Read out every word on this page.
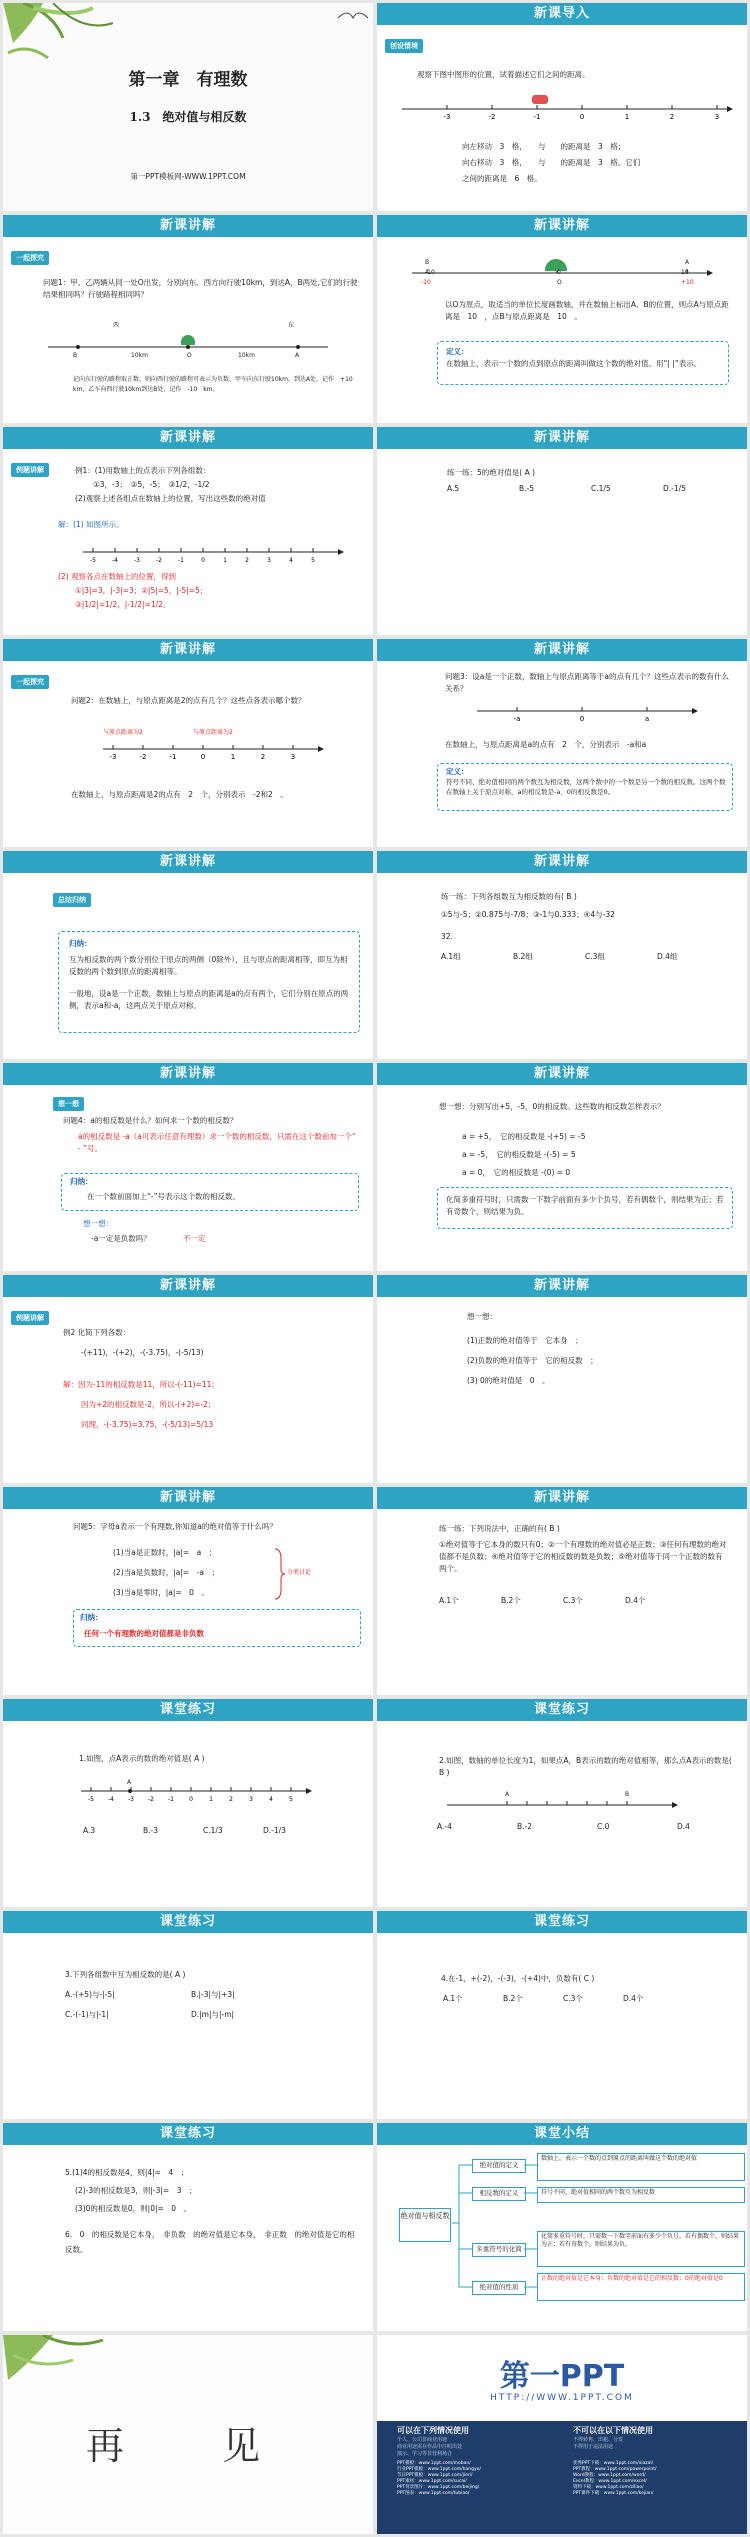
第一章　有理数
1.3　绝对值与相反数
第一PPT模板网-WWW.1PPT.COM
新课导入
创设情境
观察下图中图形的位置，试着描述它们之间的距离。
-3	-2	-1	0	1	2	3
向左移动　3　格，　　与　　的距离是　3　格；
向右移动　3　格，　　与　　的距离是　3　格。它们
之间的距离是　6　格。
新课讲解
一起探究
问题1：甲、乙两辆从同一处O出发，分别向东、西方向行驶10km，到达A，B两处,它们的行驶结果相同吗？行驶路程相同吗？
B	10km	O	10km	A
西	东
记向东行驶的路程取正数，则向西行驶的路程可表示为负数，甲车向东行驶10km，到达A处，记作　+10　km，乙车向西行驶10km到达B处，记作　-10　km。
新课讲解
B
-10	O
A
+10
-10	0	10
以O为原点，取适当的单位长度画数轴，并在数轴上标出A、B的位置，则点A与原点距离是　10　，点B与原点距离是　10　。
定义：
在数轴上，表示一个数的点到原点的距离叫做这个数的绝对值。用“| |”表示。
新课讲解
例题讲解	例1：(1)用数轴上的点表示下列各组数：
①3，-3；　②5，-5；　③1/2，-1/2
(2)观察上述各组点在数轴上的位置，写出这些数的绝对值
解：(1) 如图所示。
-5	-4	-3	-2	-1	0	1	2	3	4	5
(2) 观察各点在数轴上的位置，得到
①|3|=3，|-3|=3；②|5|=5，|-5|=5；
③|1/2|=1/2，|-1/2|=1/2。
新课讲解
练一练：5的绝对值是( A )
A.5	B.-5	C.1/5	D.-1/5
新课讲解
一起探究
问题2：在数轴上，与原点距离是2的点有几个？这些点各表示哪个数？
与原点距离为2	与原点距离为2
-3	-2	-1	0	1	2	3
在数轴上，与原点距离是2的点有　2　个，分别表示　-2和2　。
新课讲解
问题3：设a是一个正数，数轴上与原点距离等于a的点有几个？这些点表示的数有什么关系？
-a	0	a
在数轴上，与原点距离是a的点有　2　个，分别表示　-a和a
定义：
符号不同、绝对值相同的两个数互为相反数，这两个数中的一个数是另一个数的相反数。这两个数在数轴上关于原点对称，a的相反数是-a，0的相反数是0。
新课讲解
总结归纳
归纳：
互为相反数的两个数分别位于原点的两侧（0除外），且与原点的距离相等，即互为相反数的两个数到原点的距离相等。
一般地，设a是一个正数，数轴上与原点的距离是a的点有两个，它们分别在原点的两侧，表示a和-a，这两点关于原点对称。
新课讲解
练一练：下列各组数互为相反数的有( B )
①5与-5；②0.875与-7/8；③-1与0.333；④4与-32
32.
A.1组	B.2组	C.3组	D.4组
新课讲解
想一想
问题4：a的相反数是什么？如何求一个数的相反数？
a的相反数是 -a（a可表示任意有理数）求一个数的相反数，只需在这个数前加一个“ - ”号。
归纳：
在一个数前面加上“-”号表示这个数的相反数。
想一想：
-a一定是负数吗？	不一定
新课讲解
想一想：分别写出+5，-5，0的相反数。这些数的相反数怎样表示？
a = +5，　它的相反数是 -(+5) = -5
a = -5，　它的相反数是 -(-5) = 5
a = 0，　它的相反数是 -(0) = 0
化简多重符号时，只需数一下数字前面有多少个负号，若有偶数个，则结果为正；若有奇数个，则结果为负。
新课讲解
例题讲解
例2 化简下列各数：
-(+11)，-(+2)，-(-3.75)，-(-5/13)
解：因为-11的相反数是11，所以-(-11)=11；
因为+2的相反数是-2，所以-(+2)=-2；
同理，-(-3.75)=3.75，-(-5/13)=5/13
新课讲解
想一想：
(1)正数的绝对值等于　它本身　；
(2)负数的绝对值等于　它的相反数　；
(3) 0的绝对值是　0　。
新课讲解
问题5：字母a表示一个有理数,你知道a的绝对值等于什么吗？
(1)当a是正数时，|a|=　a　；
(2)当a是负数时，|a|=　-a　；
(3)当a是零时，|a|=　0　。
分类讨论
归纳：
任何一个有理数的绝对值都是非负数
新课讲解
练一练：下列说法中，正确的有( B )
①绝对值等于它本身的数只有0；②一个有理数的绝对值必是正数；③任何有理数的绝对值都不是负数；④绝对值等于它的相反数的数是负数；⑤绝对值等于同一个正数的数有两个。
A.1个	B.2个	C.3个	D.4个
课堂练习
1.如图，点A表示的数的绝对值是( A )
-5 -4 -3 -2 -1	0	1	2	3	4	5
A
A.3	B.-3	C.1/3	D.-1/3
课堂练习
2.如图，数轴的单位长度为1，如果点A，B表示的数的绝对值相等，那么点A表示的数是( B )
A	B
A.-4	B.-2	C.0	D.4
课堂练习
3.下列各组数中互为相反数的是( A )
A.-(+5)与-|-5|	B.|-3|与|+3|
C.-(-1)与|-1|	D.|m|与|-m|
课堂练习
4.在-1，+(-2)，-(-3)，-(+4)中，负数有( C )
A.1个	B.2个	C.3个	D.4个
课堂练习
5.(1)4的相反数是4，则|4|=　4　；
(2)-3的相反数是3，则|-3|=　3　；
(3)0的相反数是0，则|0|=　0　。
6.　0　的相反数是它本身，　非负数　的绝对值是它本身，　非正数　的绝对值是它的相反数。
课堂小结
绝对值与相反数
绝对值的定义
相反数的定义
多重符号的化简
绝对值的性质
数轴上，表示一个数的点到原点的距离叫做这个数的绝对值
符号不同、绝对值相同的两个数互为相反数
化简多重符号时，只需数一下数字前面有多少个负号，若有偶数个，则结果为正；若有奇数个，则结果为负。
正数的绝对值是它本身；负数的绝对值是它的相反数；0的绝对值是0
再　见
第一PPT
HTTP://WWW.1PPT.COM
可以在下列情况使用	不可以在以下情况使用
个人、公司非商业用途
商业用途需在作品中注明出处
演示、学习等非营利场合
不得转售、出租、分发
不得用于违法用途
PPT模板：www.1ppt.com/moban/
行业PPT模板：www.1ppt.com/hangye/
节日PPT模板：www.1ppt.com/jieri/
PPT素材：www.1ppt.com/sucai/
PPT背景图片：www.1ppt.com/beijing/
PPT图表：www.1ppt.com/tubiao/
优秀PPT下载：www.1ppt.com/xiazai/
PPT教程：www.1ppt.com/powerpoint/
Word教程：www.1ppt.com/word/
Excel教程：www.1ppt.com/excel/
资料下载：www.1ppt.com/ziliao/
PPT课件下载：www.1ppt.com/kejian/
